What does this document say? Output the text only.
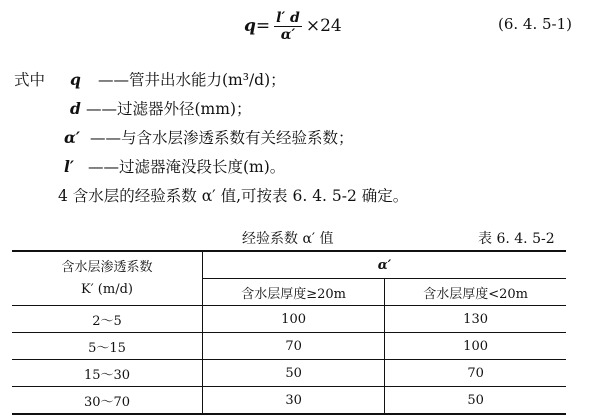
$q = \frac{l' d}{\alpha'} \times 24$	(6. 4. 5-1)
式中 q ——管井出水能力(m³/d)；
d ——过滤器外径(mm)；
α′ ——与含水层渗透系数有关经验系数；
l′ ——过滤器淹没段长度(m)。
4 含水层的经验系数 α′ 值,可按表 6. 4. 5-2 确定。
经验系数 α′ 值	表 6. 4. 5-2
含水层渗透系数
K′ (m/d)	α′	
	含水层厚度≥20m	含水层厚度<20m
2～5	100	130
5～15	70	100
15～30	50	70
30～70	30	50
